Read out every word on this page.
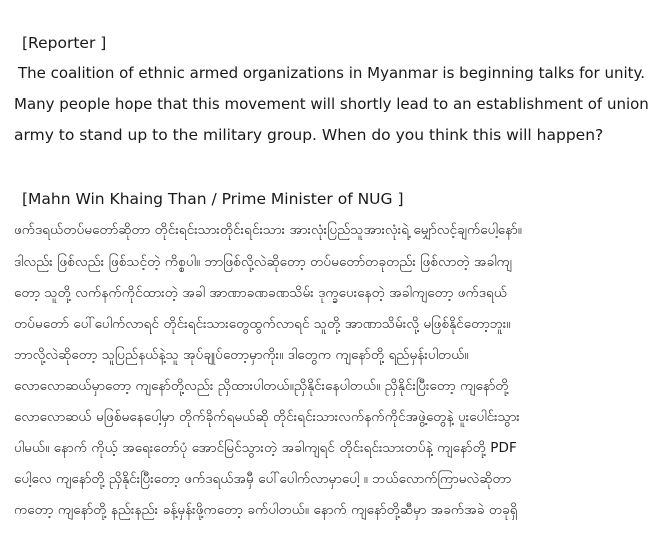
[Reporter ]
The coalition of ethnic armed organizations in Myanmar is beginning talks for unity.
Many people hope that this movement will shortly lead to an establishment of union
army to stand up to the military group. When do you think this will happen?
[Mahn Win Khaing Than / Prime Minister of NUG ]
ဖက်ဒရယ်တပ်မတော်ဆိုတာ တိုင်းရင်းသားတိုင်းရင်းသား အားလုံးပြည်သူအားလုံးရဲ့ မျှော်လင့်ချက်ပေါ့နော်။
ဒါလည်း ဖြစ်လည်း ဖြစ်သင့်တဲ့ ကိစ္စပါ။ ဘာဖြစ်လို့လဲဆိုတော့ တပ်မတော်တခုတည်း ဖြစ်လာတဲ့ အခါကျ
တော့ သူတို့ လက်နက်ကိုင်ထားတဲ့ အခါ အာဏာခဏခဏသိမ်း ဒုက္ခပေးနေတဲ့ အခါကျတော့ ဖက်ဒရယ်
တပ်မတော် ပေါ်ပေါက်လာရင် တိုင်းရင်းသားတွေထွက်လာရင် သူတို့ အာဏာသိမ်းလို့ မဖြစ်နိုင်တော့ဘူး။
ဘာလို့လဲဆိုတော့ သူပြည်နယ်နဲ့သူ အုပ်ချုပ်တော့မှာကိုး။ ဒါတွေက ကျနော်တို့ ရည်မှန်းပါတယ်။
လောလောဆယ်မှာတော့ ကျနော်တို့လည်း ညှိထားပါတယ်။ညှိနိုင်းနေပါတယ်။ ညှိနိုင်းပြီးတော့ ကျနော်တို့
လောလောဆယ် မဖြစ်မနေပေါ့မှာ တိုက်ခိုက်ရမယ်ဆို တိုင်းရင်းသားလက်နက်ကိုင်အဖွဲ့တွေနဲ့ ပူးပေါင်းသွား
ပါမယ်။ နောက် ကိုယ့် အရေးတော်ပုံ အောင်မြင်သွားတဲ့ အခါကျရင် တိုင်းရင်းသားတပ်နဲ့ ကျနော်တို့ PDF
ပေါ့လေ ကျနော်တို့ ညှိနိုင်းပြီးတော့ ဖက်ဒရယ်အမှီ ပေါ်ပေါက်လာမှာပေါ့ ။ ဘယ်လောက်ကြာမလဲဆိုတာ
ကတော့ ကျနော်တို့ နည်းနည်း ခန့်မှန်းဖို့ကတော့ ခက်ပါတယ်။ နောက် ကျနော်တို့ဆီမှာ အခက်အခဲ တခုရှိ
